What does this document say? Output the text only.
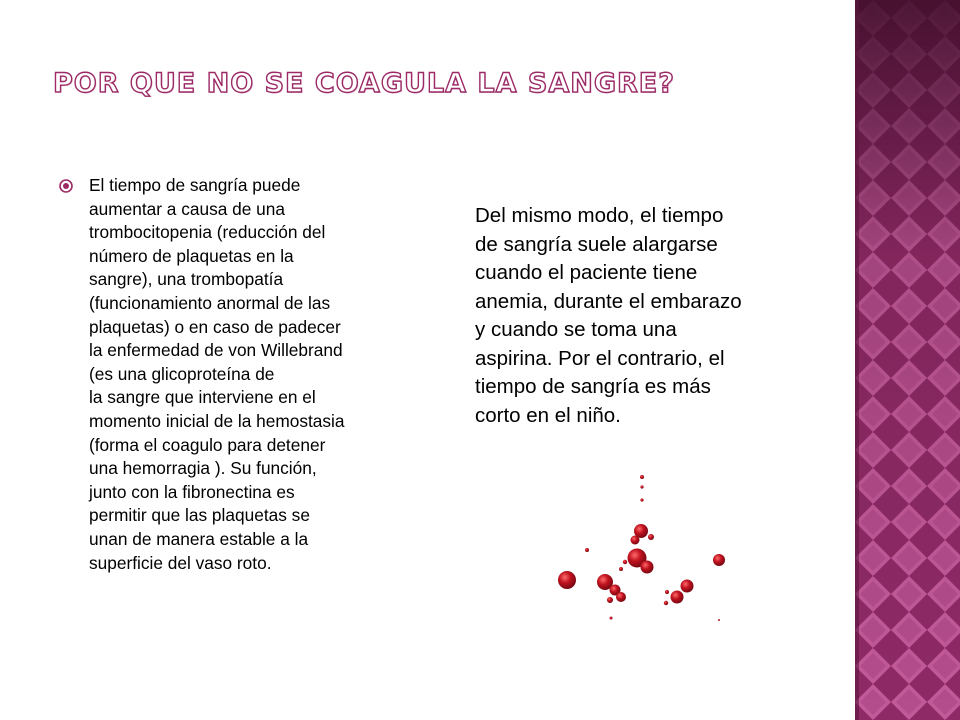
POR QUE NO SE COAGULA LA SANGRE?
El tiempo de sangría puede
aumentar a causa de una
trombocitopenia (reducción del
número de plaquetas en la
sangre), una trombopatía
(funcionamiento anormal de las
plaquetas) o en caso de padecer
la enfermedad de von Willebrand
(es una glicoproteína de
la sangre que interviene en el
momento inicial de la hemostasia
(forma el coagulo para detener
una hemorragia ). Su función,
junto con la fibronectina es
permitir que las plaquetas se
unan de manera estable a la
superficie del vaso roto.
Del mismo modo, el tiempo
de sangría suele alargarse
cuando el paciente tiene
anemia, durante el embarazo
y cuando se toma una
aspirina. Por el contrario, el
tiempo de sangría es más
corto en el niño.
